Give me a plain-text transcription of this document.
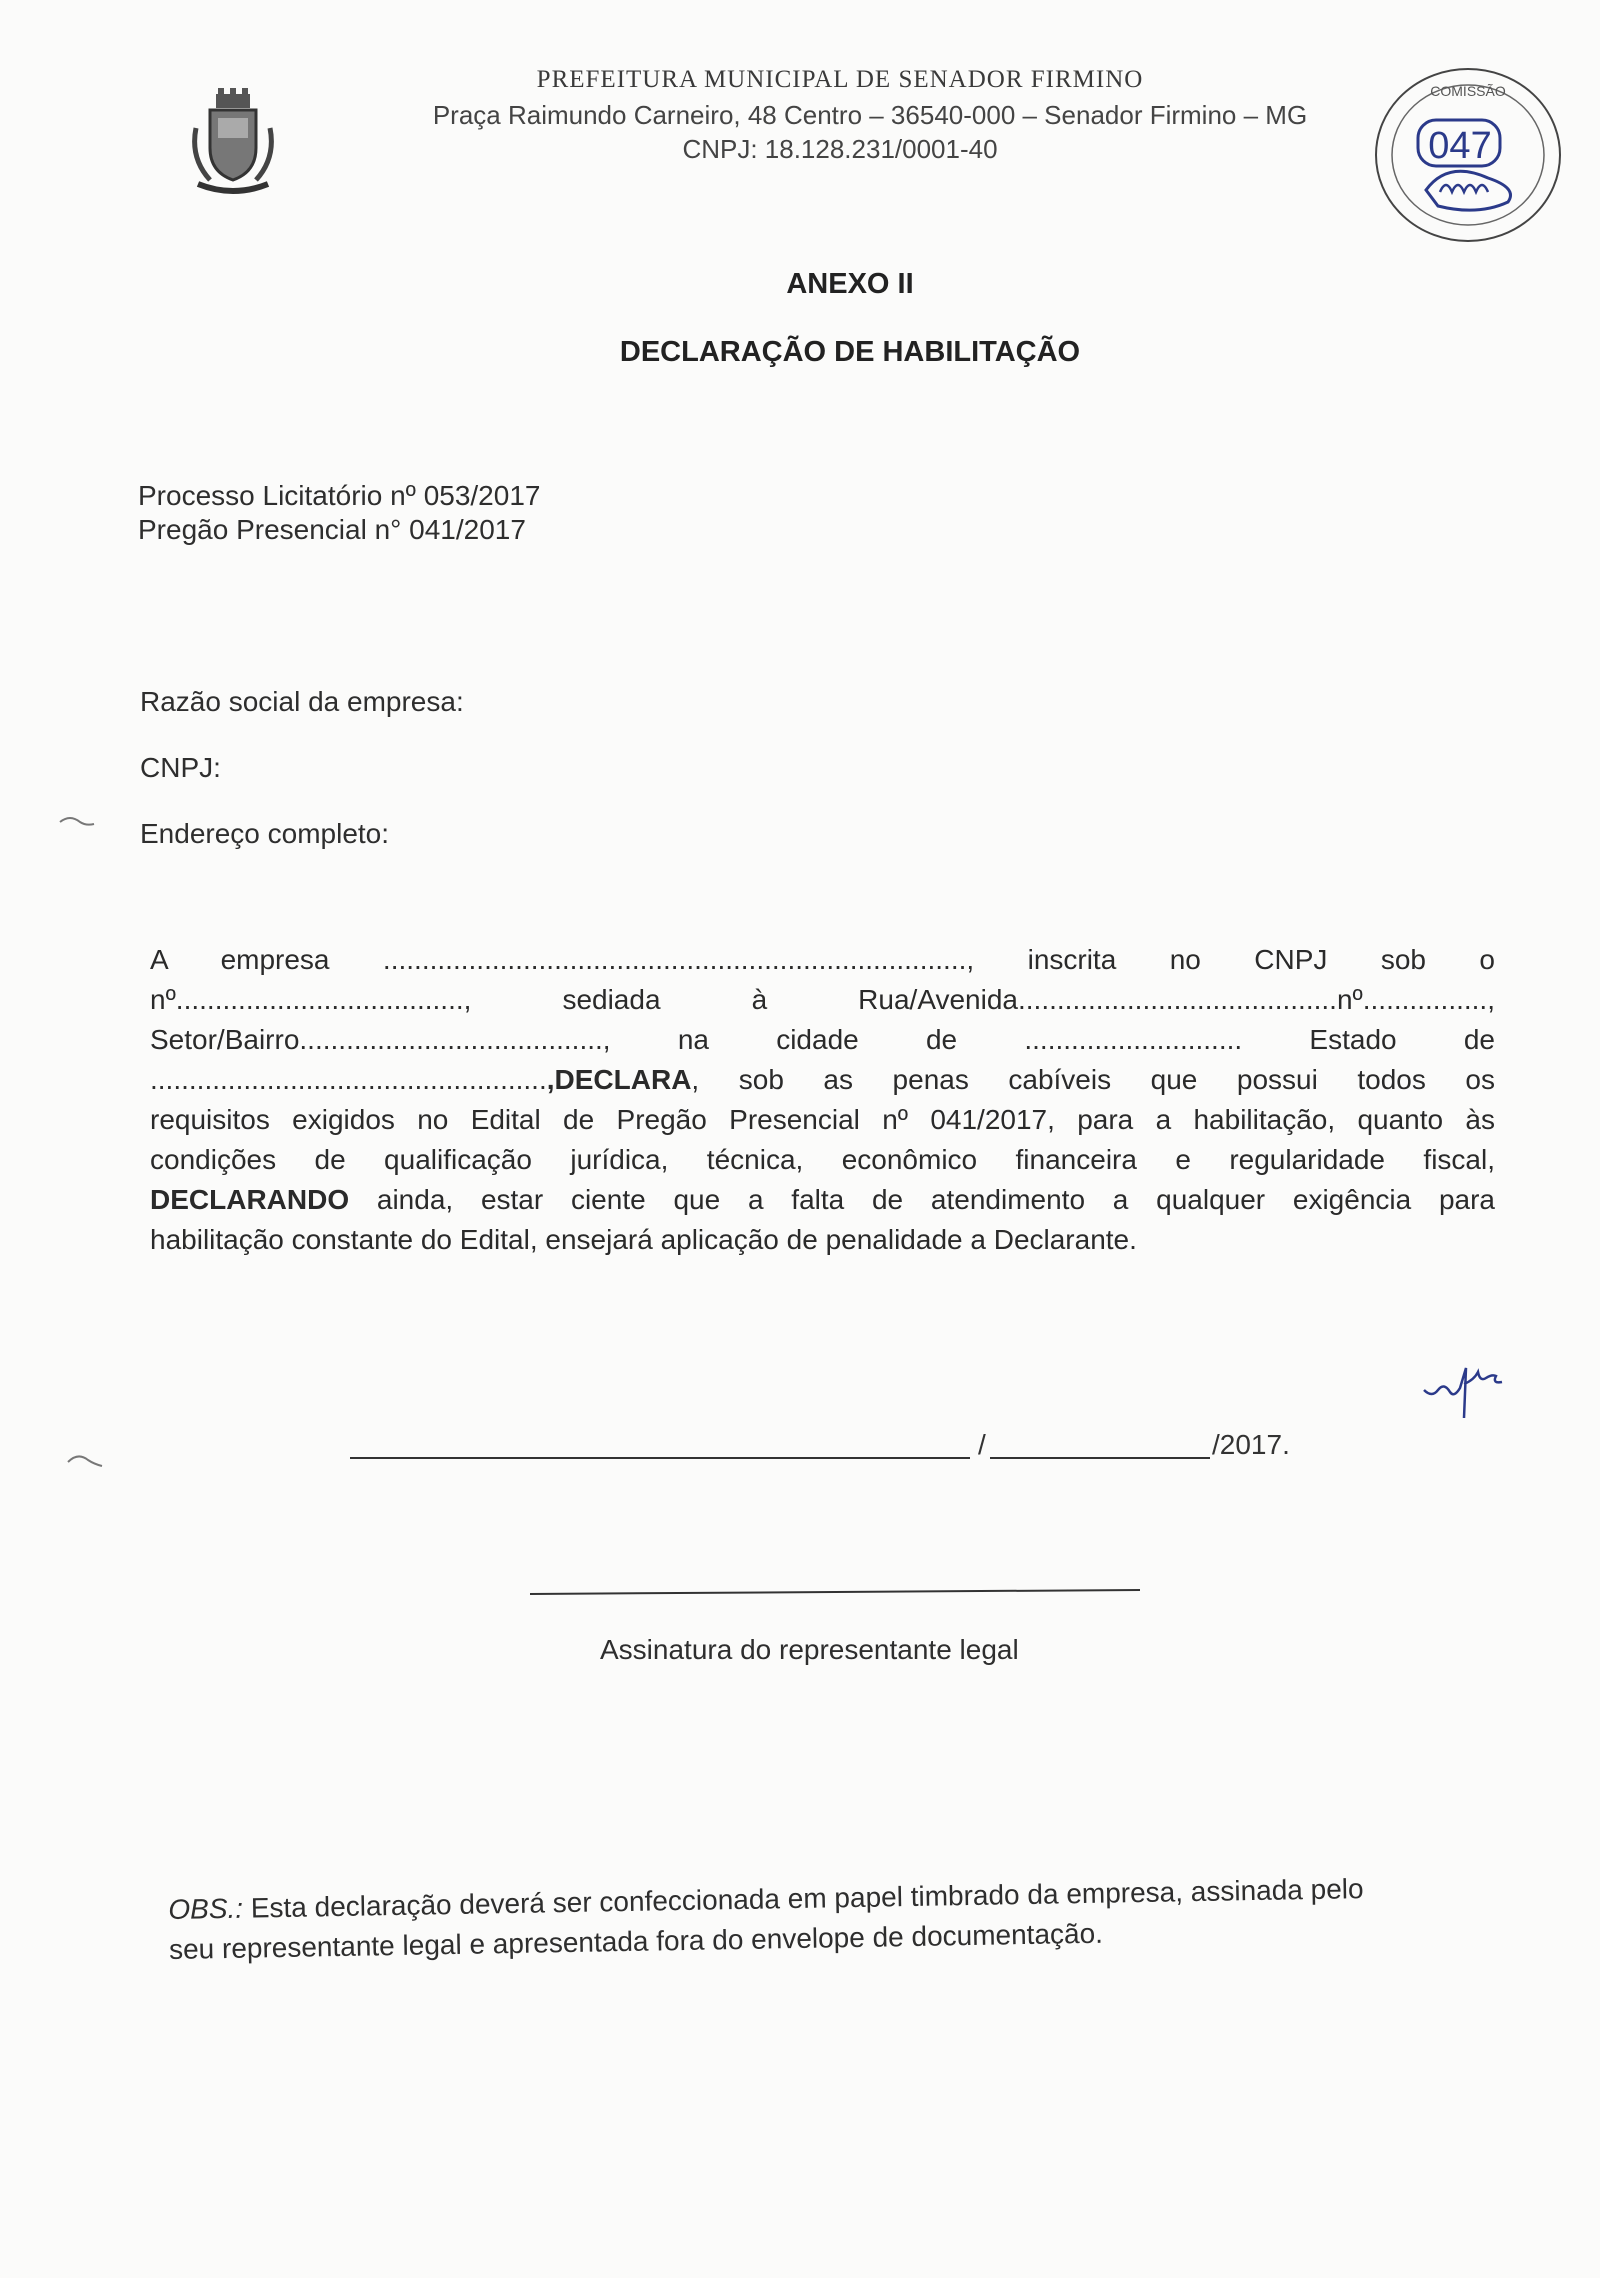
PREFEITURA MUNICIPAL DE SENADOR FIRMINO
Praça Raimundo Carneiro, 48 Centro – 36540-000 – Senador Firmino – MG
CNPJ: 18.128.231/0001-40
COMISSÃO
047
ANEXO II
DECLARAÇÃO DE HABILITAÇÃO
Processo Licitatório nº 053/2017
Pregão Presencial n° 041/2017
Razão social da empresa:
CNPJ:
Endereço completo:

A empresa ..........................................................................., inscrita no CNPJ sob o

nº....................................., sediada à Rua/Avenida.........................................nº................,

Setor/Bairro......................................., na cidade de ............................ Estado de

...................................................,DECLARA, sob as penas cabíveis que possui todos os

requisitos exigidos no Edital de Pregão Presencial nº 041/2017, para a habilitação, quanto às

condições de qualificação jurídica, técnica, econômico financeira e regularidade fiscal,

DECLARANDO ainda, estar ciente que a falta de atendimento a qualquer exigência para

habilitação constante do Edital, ensejará aplicação de penalidade a Declarante.

/	/2017.
Assinatura do representante legal
OBS.: Esta declaração deverá ser confeccionada em papel timbrado da empresa, assinada pelo
seu representante legal e apresentada fora do envelope de documentação.
